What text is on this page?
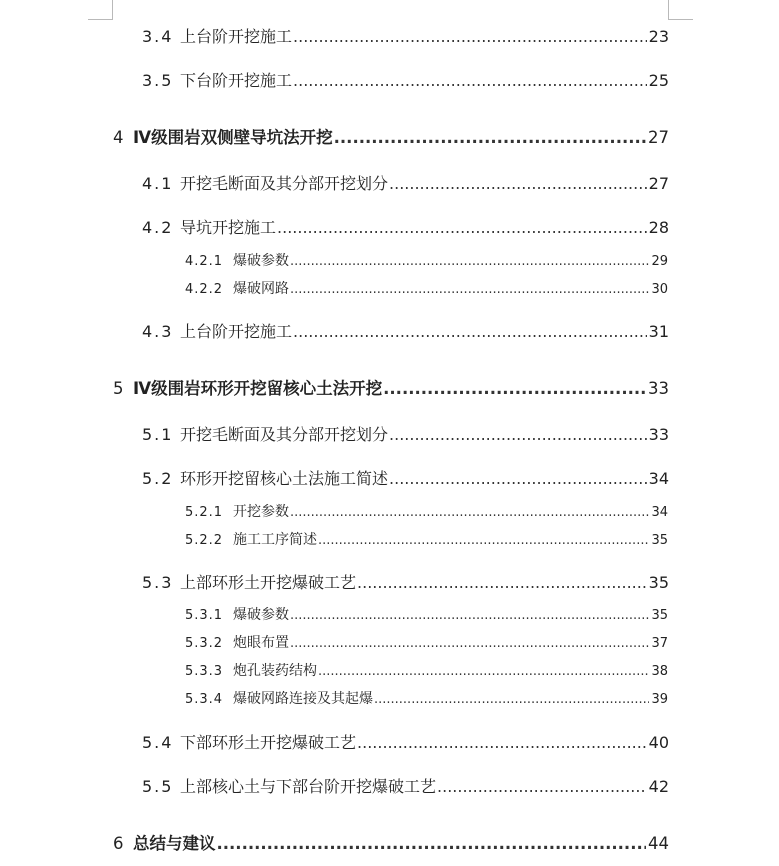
3.4 上台阶开挖施工 .....	23
3.5 下台阶开挖施工 .....	25
4 Ⅳ级围岩双侧壁导坑法开挖 .....	27
4.1 开挖毛断面及其分部开挖划分 .....	27
4.2 导坑开挖施工 .....	28
4.2.1 爆破参数 .....	29
4.2.2 爆破网路 .....	30
4.3 上台阶开挖施工 .....	31
5 Ⅳ级围岩环形开挖留核心土法开挖 .....	33
5.1 开挖毛断面及其分部开挖划分 .....	33
5.2 环形开挖留核心土法施工简述 .....	34
5.2.1 开挖参数 .....	34
5.2.2 施工工序简述 .....	35
5.3 上部环形土开挖爆破工艺 .....	35
5.3.1 爆破参数 .....	35
5.3.2 炮眼布置 .....	37
5.3.3 炮孔装药结构 .....	38
5.3.4 爆破网路连接及其起爆 .....	39
5.4 下部环形土开挖爆破工艺 .....	40
5.5 上部核心土与下部台阶开挖爆破工艺 .....	42
6 总结与建议 .....	44
